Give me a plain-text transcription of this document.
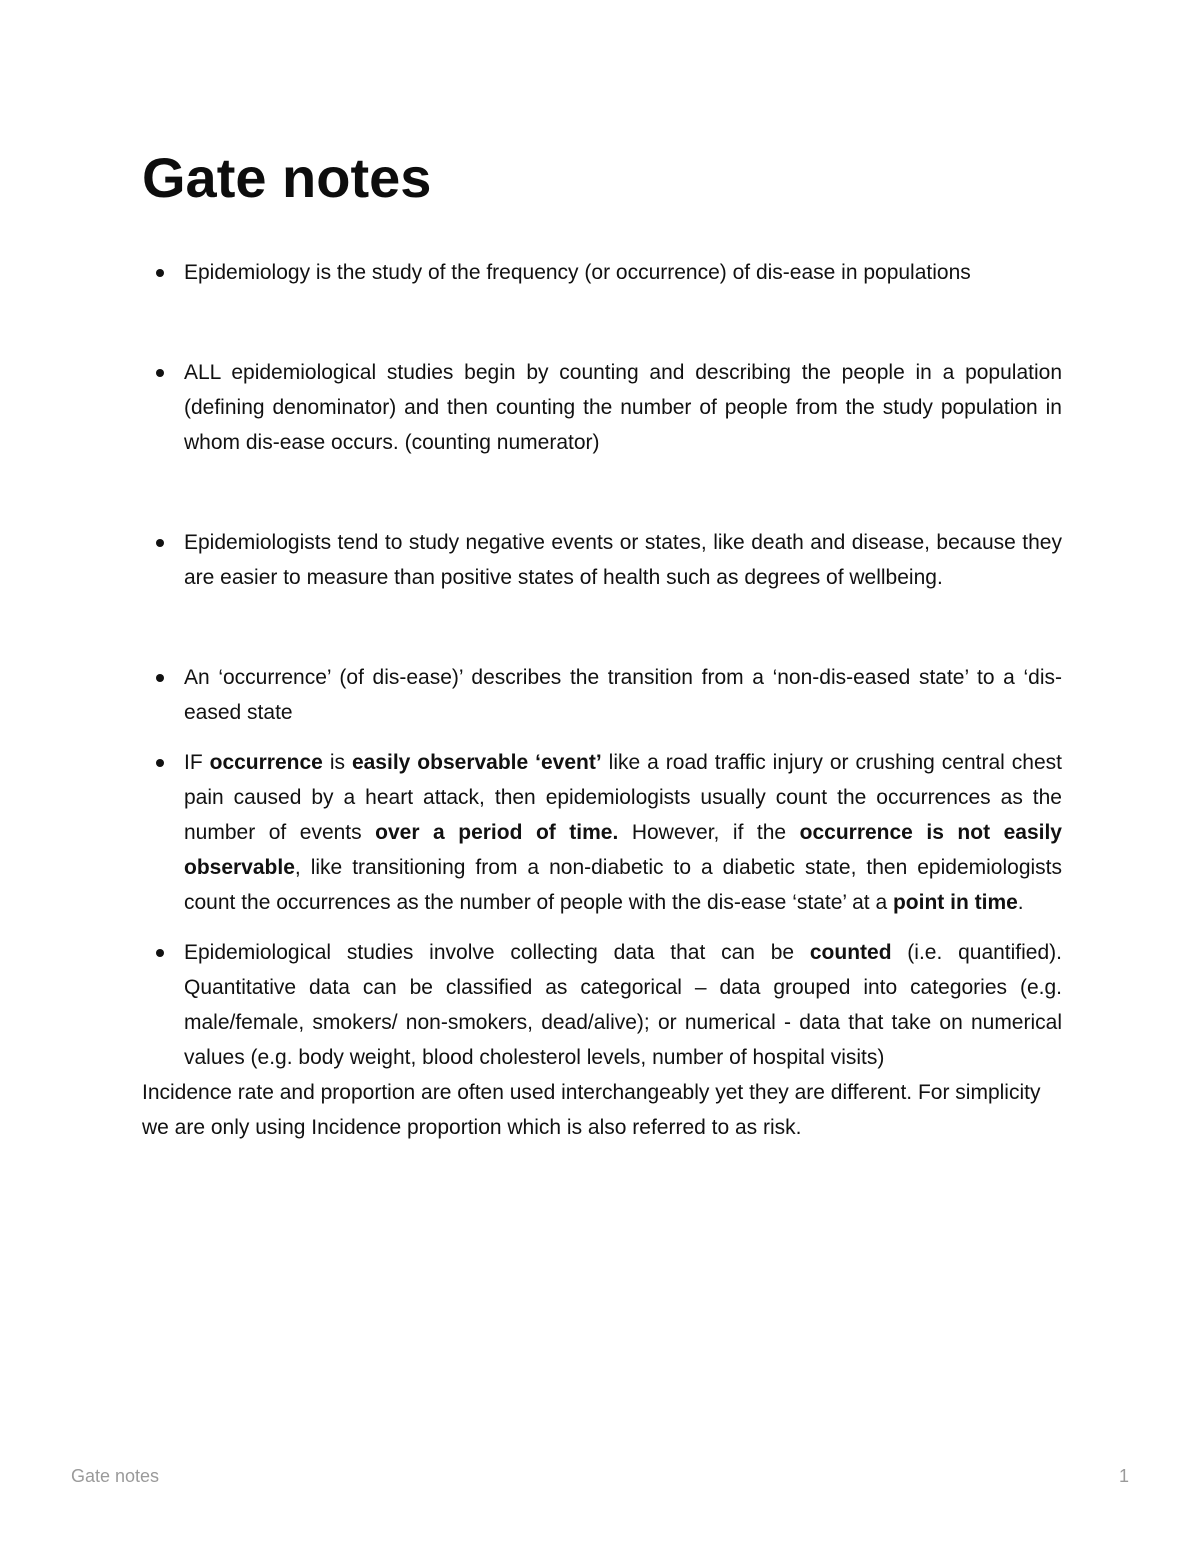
Gate notes
Epidemiology is the study of the frequency (or occurrence) of dis-ease in populations
ALL epidemiological studies begin by counting and describing the people in a population (defining denominator) and then counting the number of people from the study population in whom dis-ease occurs. (counting numerator)
Epidemiologists tend to study negative events or states, like death and disease, because they are easier to measure than positive states of health such as degrees of wellbeing.
An ‘occurrence’ (of dis-ease)’ describes the transition from a ‘non-dis-eased state’ to a ‘dis-eased state
IF occurrence is easily observable ‘event’ like a road traffic injury or crushing central chest pain caused by a heart attack, then epidemiologists usually count the occurrences as the number of events over a period of time. However, if the occurrence is not easily observable, like transitioning from a non-diabetic to a diabetic state, then epidemiologists count the occurrences as the number of people with the dis-ease ‘state’ at a point in time.
Epidemiological studies involve collecting data that can be counted (i.e. quantified). Quantitative data can be classified as categorical – data grouped into categories (e.g. male/female, smokers/ non-smokers, dead/alive); or numerical - data that take on numerical values (e.g. body weight, blood cholesterol levels, number of hospital visits)

Incidence rate and proportion are often used interchangeably yet they are different. For simplicity we are only using Incidence proportion which is also referred to as risk.

Gate notes	1
